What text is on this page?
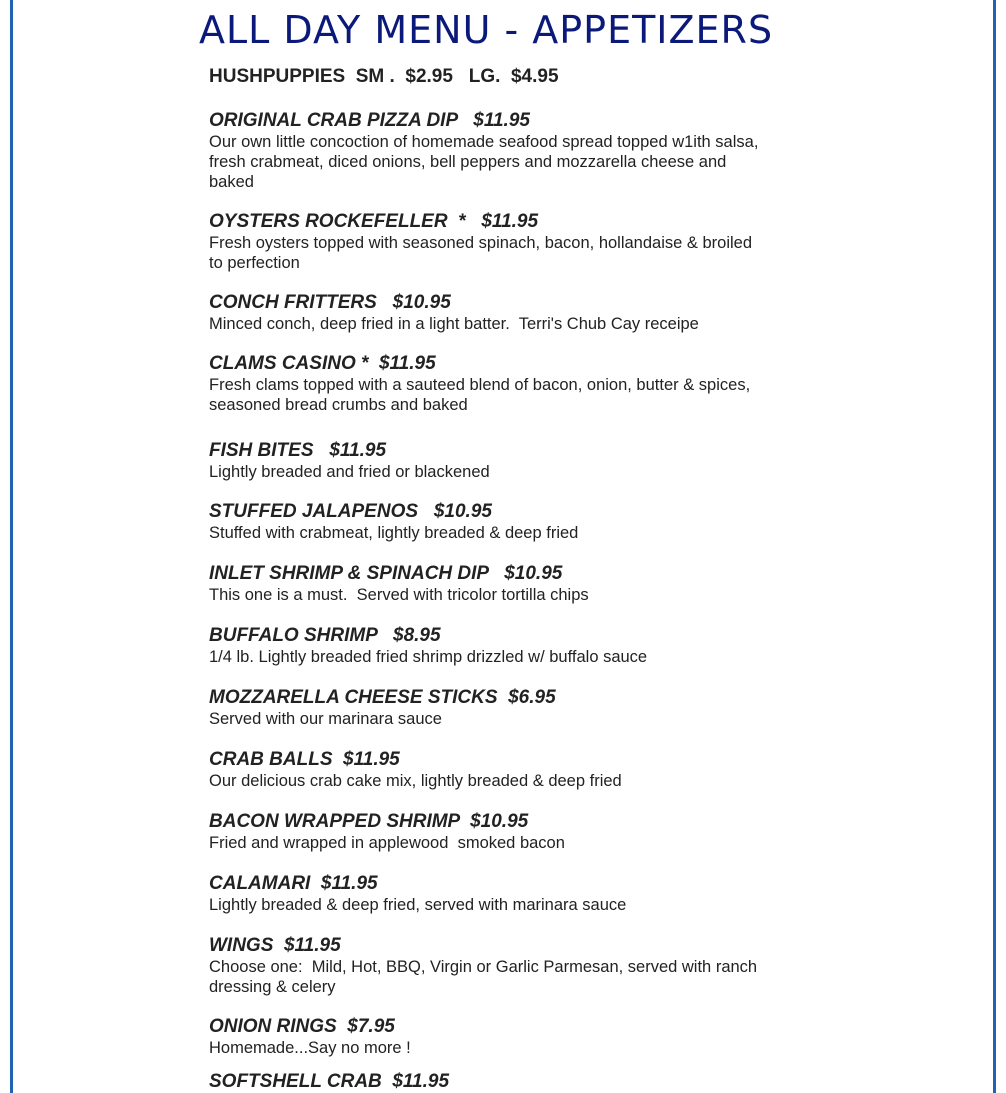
ALL DAY MENU - APPETIZERS
HUSHPUPPIES  SM .  $2.95   LG.  $4.95
ORIGINAL CRAB PIZZA DIP   $11.95
Our own little concoction of homemade seafood spread topped w1ith salsa, fresh crabmeat, diced onions, bell peppers and mozzarella cheese and baked
OYSTERS ROCKEFELLER  *   $11.95
Fresh oysters topped with seasoned spinach, bacon, hollandaise & broiled to perfection
CONCH FRITTERS   $10.95
Minced conch, deep fried in a light batter.  Terri's Chub Cay receipe
CLAMS CASINO *  $11.95
Fresh clams topped with a sauteed blend of bacon, onion, butter & spices, seasoned bread crumbs and baked
FISH BITES   $11.95
Lightly breaded and fried or blackened
STUFFED JALAPENOS   $10.95
Stuffed with crabmeat, lightly breaded & deep fried
INLET SHRIMP & SPINACH DIP   $10.95
This one is a must.  Served with tricolor tortilla chips
BUFFALO SHRIMP   $8.95
1/4 lb. Lightly breaded fried shrimp drizzled w/ buffalo sauce
MOZZARELLA CHEESE STICKS  $6.95
Served with our marinara sauce
CRAB BALLS  $11.95
Our delicious crab cake mix, lightly breaded & deep fried
BACON WRAPPED SHRIMP  $10.95
Fried and wrapped in applewood  smoked bacon
CALAMARI  $11.95
Lightly breaded & deep fried, served with marinara sauce
WINGS  $11.95
Choose one:  Mild, Hot, BBQ, Virgin or Garlic Parmesan, served with ranch dressing & celery
ONION RINGS  $7.95
Homemade...Say no more !
SOFTSHELL CRAB  $11.95
